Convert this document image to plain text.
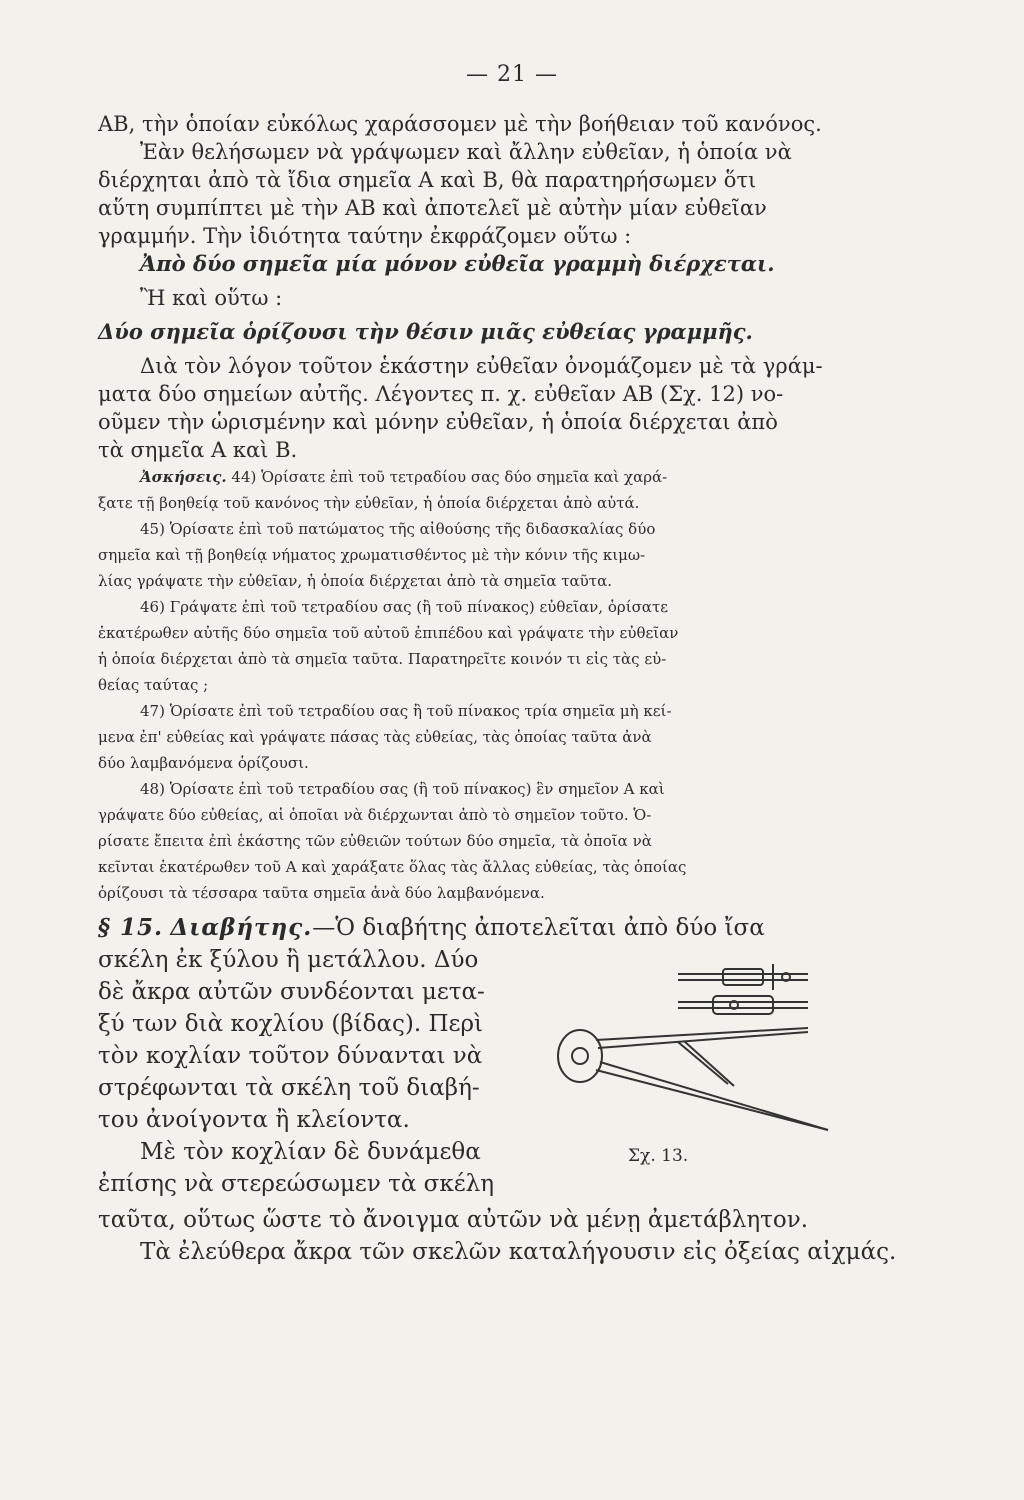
— 21 —
ΑΒ, τὴν ὁποίαν εὐκόλως χαράσσομεν μὲ τὴν βοήθειαν τοῦ κανόνος.
Ἐὰν θελήσωμεν νὰ γράψωμεν καὶ ἄλλην εὐθεῖαν, ἡ ὁποία νὰ
διέρχηται ἀπὸ τὰ ἴδια σημεῖα Α καὶ Β, θὰ παρατηρήσωμεν ὅτι
αὕτη συμπίπτει μὲ τὴν ΑΒ καὶ ἀποτελεῖ μὲ αὐτὴν μίαν εὐθεῖαν
γραμμήν. Τὴν ἰδιότητα ταύτην ἐκφράζομεν οὕτω :
Ἀπὸ δύο σημεῖα μία μόνον εὐθεῖα γραμμὴ διέρχεται.
Ἢ καὶ οὕτω :
Δύο σημεῖα ὁρίζουσι τὴν θέσιν μιᾶς εὐθείας γραμμῆς.
Διὰ τὸν λόγον τοῦτον ἑκάστην εὐθεῖαν ὀνομάζομεν μὲ τὰ γράμ-
ματα δύο σημείων αὐτῆς. Λέγοντες π. χ. εὐθεῖαν ΑΒ (Σχ. 12) νο-
οῦμεν τὴν ὡρισμένην καὶ μόνην εὐθεῖαν, ἡ ὁποία διέρχεται ἀπὸ
τὰ σημεῖα Α καὶ Β.
Ἀσκήσεις. 44) Ὁρίσατε ἐπὶ τοῦ τετραδίου σας δύο σημεῖα καὶ χαρά-
ξατε τῇ βοηθείᾳ τοῦ κανόνος τὴν εὐθεῖαν, ἡ ὁποία διέρχεται ἀπὸ αὐτά.
45) Ὁρίσατε ἐπὶ τοῦ πατώματος τῆς αἰθούσης τῆς διδασκαλίας δύο
σημεῖα καὶ τῇ βοηθείᾳ νήματος χρωματισθέντος μὲ τὴν κόνιν τῆς κιμω-
λίας γράψατε τὴν εὐθεῖαν, ἡ ὁποία διέρχεται ἀπὸ τὰ σημεῖα ταῦτα.
46) Γράψατε ἐπὶ τοῦ τετραδίου σας (ἢ τοῦ πίνακος) εὐθεῖαν, ὁρίσατε
ἑκατέρωθεν αὐτῆς δύο σημεῖα τοῦ αὐτοῦ ἐπιπέδου καὶ γράψατε τὴν εὐθεῖαν
ἡ ὁποία διέρχεται ἀπὸ τὰ σημεῖα ταῦτα. Παρατηρεῖτε κοινόν τι εἰς τὰς εὐ-
θείας ταύτας ;
47) Ὁρίσατε ἐπὶ τοῦ τετραδίου σας ἢ τοῦ πίνακος τρία σημεῖα μὴ κεί-
μενα ἐπ' εὐθείας καὶ γράψατε πάσας τὰς εὐθείας, τὰς ὁποίας ταῦτα ἀνὰ
δύο λαμβανόμενα ὁρίζουσι.
48) Ὁρίσατε ἐπὶ τοῦ τετραδίου σας (ἢ τοῦ πίνακος) ἓν σημεῖον Α καὶ
γράψατε δύο εὐθείας, αἱ ὁποῖαι νὰ διέρχωνται ἀπὸ τὸ σημεῖον τοῦτο. Ὁ-
ρίσατε ἔπειτα ἐπὶ ἑκάστης τῶν εὐθειῶν τούτων δύο σημεῖα, τὰ ὁποῖα νὰ
κεῖνται ἑκατέρωθεν τοῦ Α καὶ χαράξατε ὅλας τὰς ἄλλας εὐθείας, τὰς ὁποίας
ὁρίζουσι τὰ τέσσαρα ταῦτα σημεῖα ἀνὰ δύο λαμβανόμενα.
§ 15. Διαβήτης.—Ὁ διαβήτης ἀποτελεῖται ἀπὸ δύο ἴσα
σκέλη ἐκ ξύλου ἢ μετάλλου. Δύο
δὲ ἄκρα αὐτῶν συνδέονται μετα-
ξύ των διὰ κοχλίου (βίδας). Περὶ
τὸν κοχλίαν τοῦτον δύνανται νὰ
στρέφωνται τὰ σκέλη τοῦ διαβή-
του ἀνοίγοντα ἢ κλείοντα.
Μὲ τὸν κοχλίαν δὲ δυνάμεθα
ἐπίσης νὰ στερεώσωμεν τὰ σκέλη
Σχ. 13.
ταῦτα, οὕτως ὥστε τὸ ἄνοιγμα αὐτῶν νὰ μένῃ ἀμετάβλητον.
Τὰ ἐλεύθερα ἄκρα τῶν σκελῶν καταλήγουσιν εἰς ὀξείας αἰχμάς.
